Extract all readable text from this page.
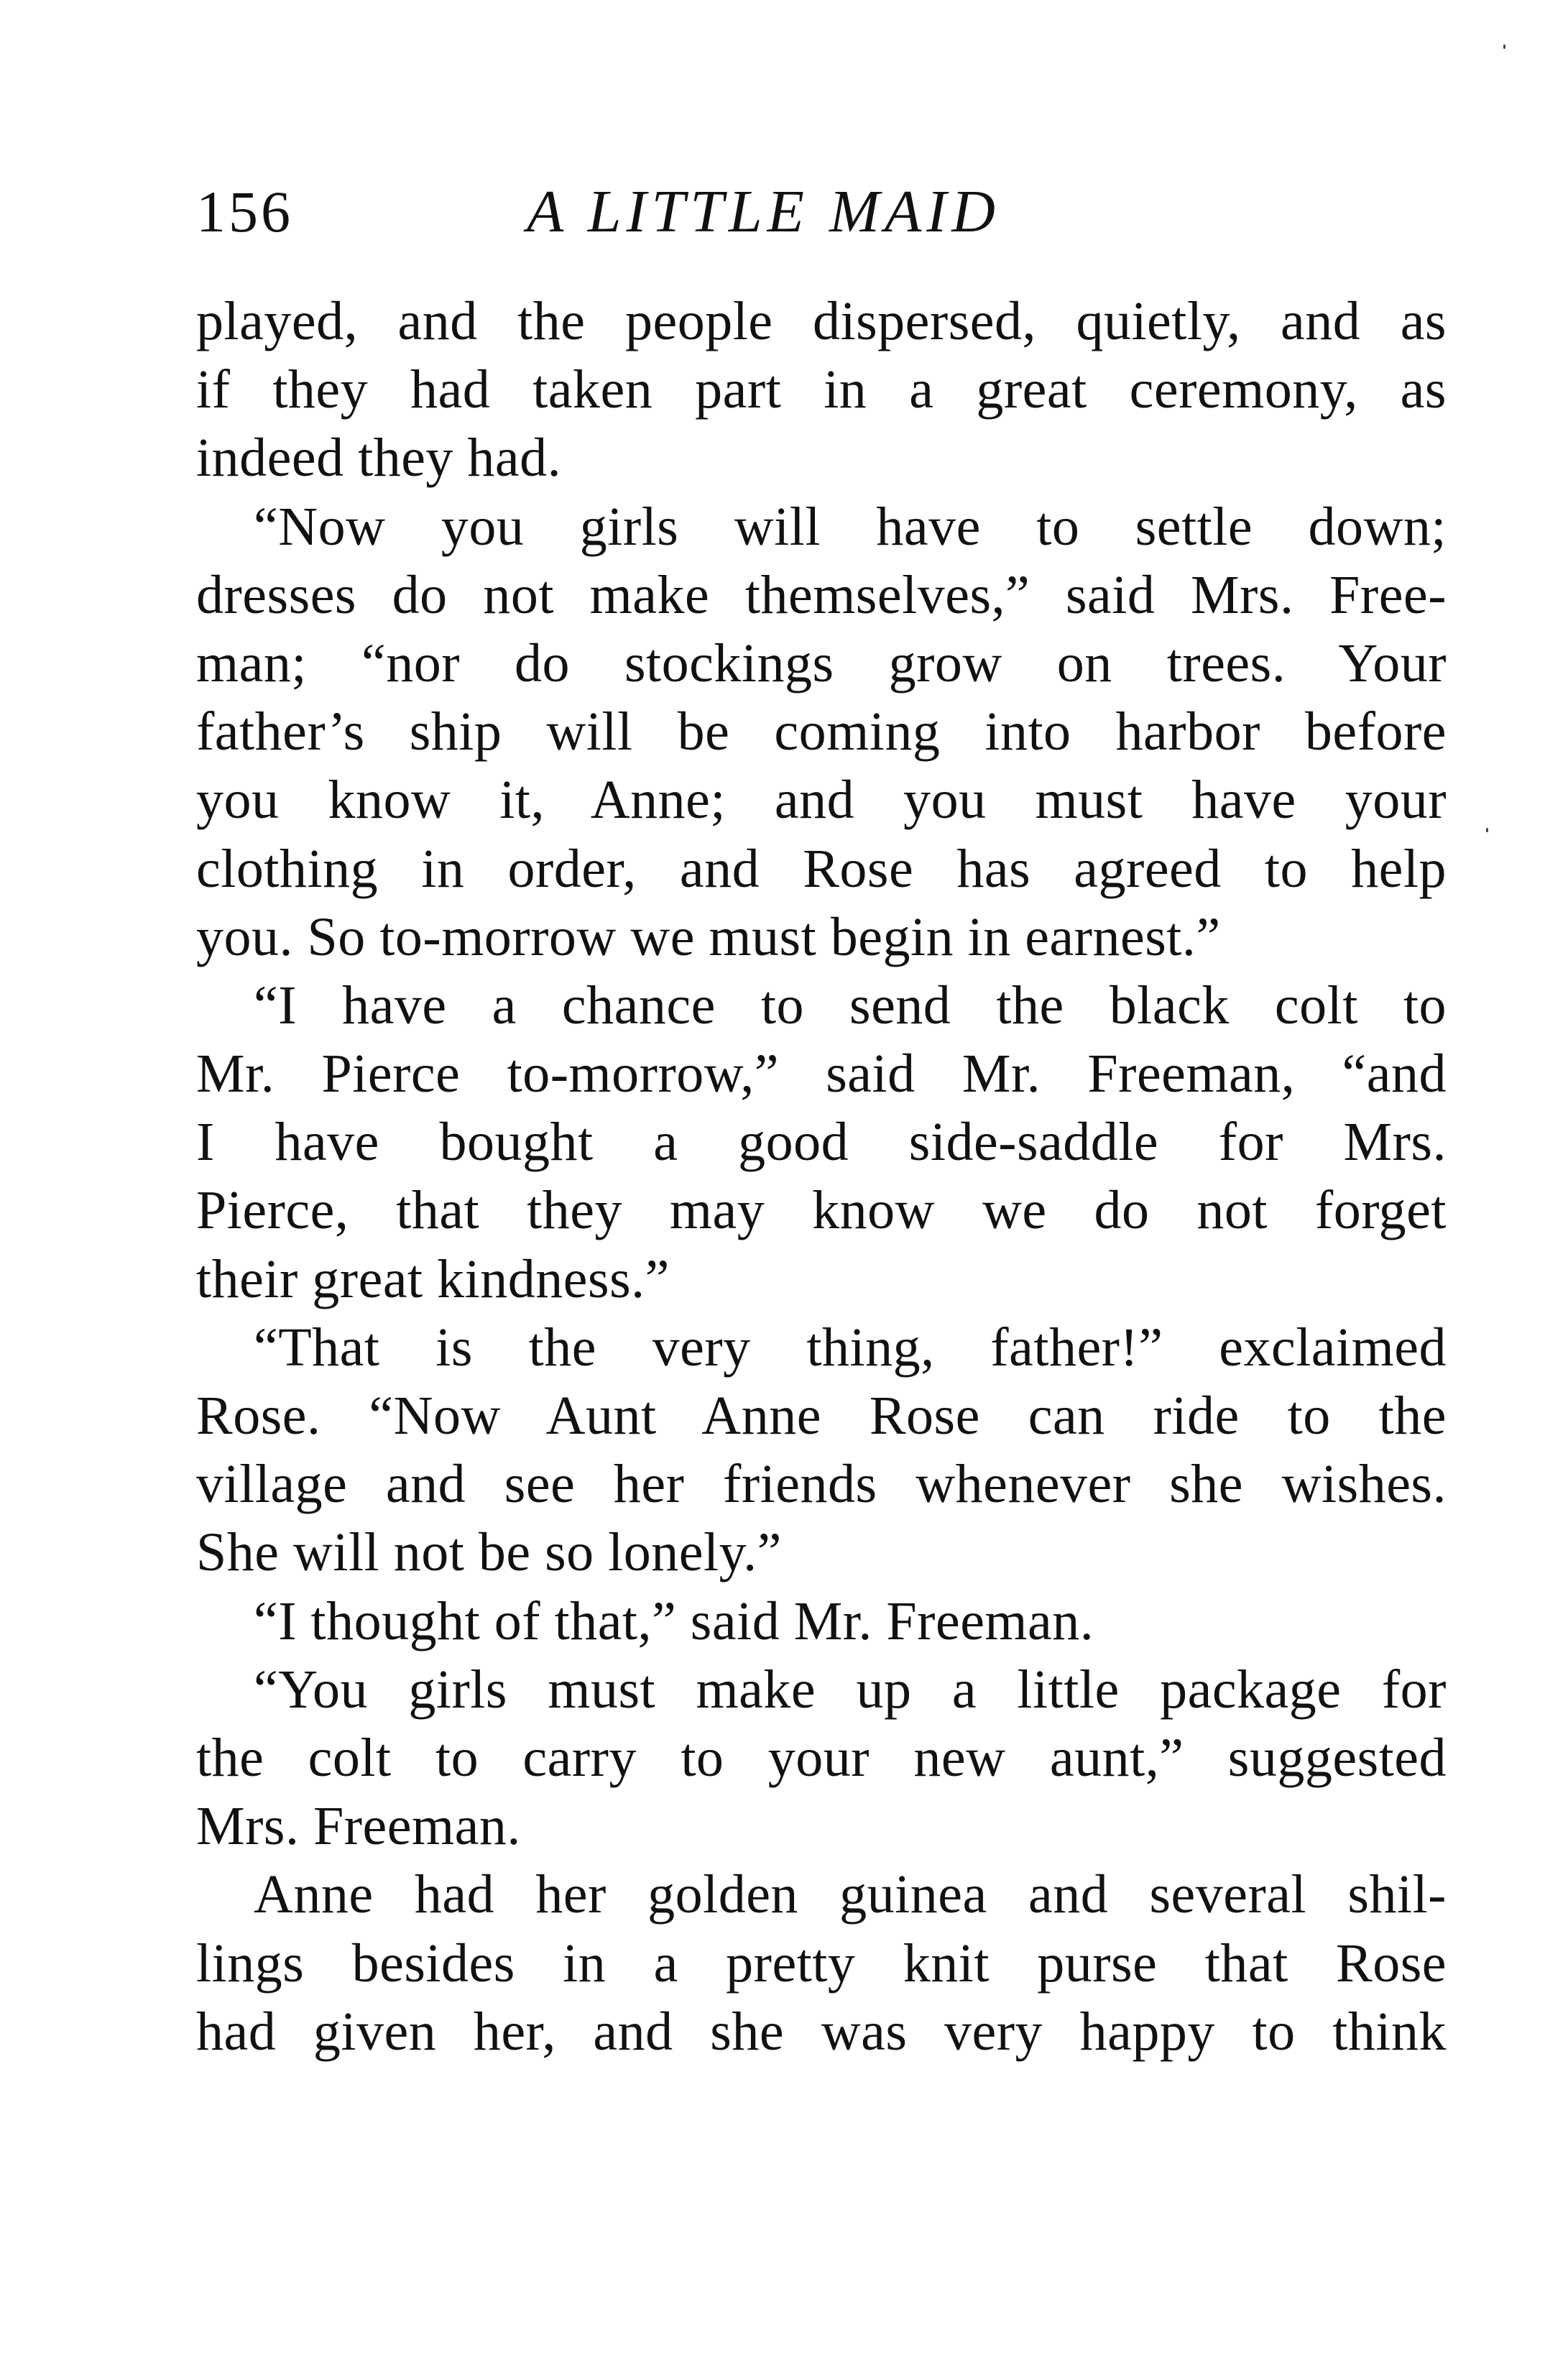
156	A LITTLE MAID
played, and the people dispersed, quietly, and as
if they had taken part in a great ceremony, as
indeed they had.
“Now you girls will have to settle down;
dresses do not make themselves,” said Mrs. Free-
man; “nor do stockings grow on trees. Your
father’s ship will be coming into harbor before
you know it, Anne; and you must have your
clothing in order, and Rose has agreed to help
you. So to-morrow we must begin in earnest.”
“I have a chance to send the black colt to
Mr. Pierce to-morrow,” said Mr. Freeman, “and
I have bought a good side-saddle for Mrs.
Pierce, that they may know we do not forget
their great kindness.”
“That is the very thing, father!” exclaimed
Rose. “Now Aunt Anne Rose can ride to the
village and see her friends whenever she wishes.
She will not be so lonely.”
“I thought of that,” said Mr. Freeman.
“You girls must make up a little package for
the colt to carry to your new aunt,” suggested
Mrs. Freeman.
Anne had her golden guinea and several shil-
lings besides in a pretty knit purse that Rose
had given her, and she was very happy to think
